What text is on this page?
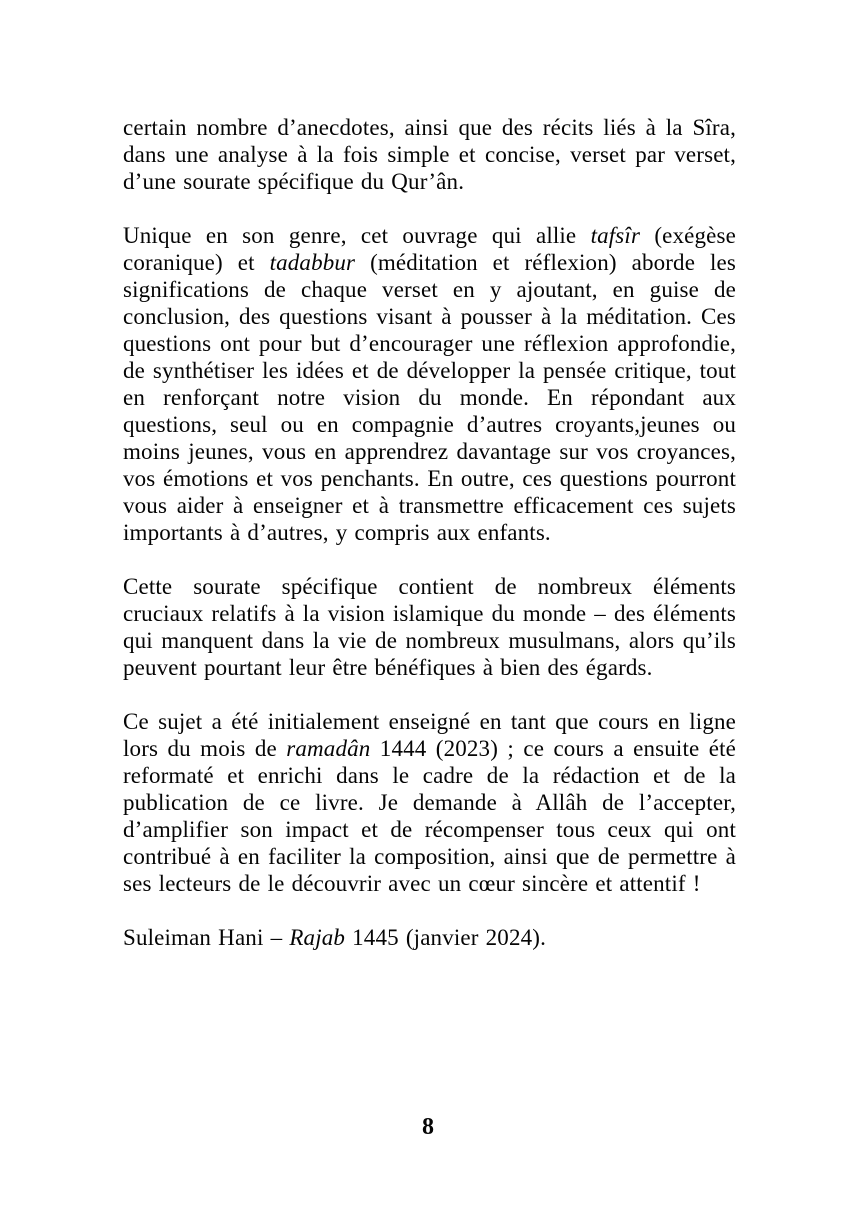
certain nombre d’anecdotes, ainsi que des récits liés à la Sîra, dans une analyse à la fois simple et concise, verset par verset, d’une sourate spécifique du Qur’ân.

Unique en son genre, cet ouvrage qui allie tafsîr (exégèse coranique) et tadabbur (méditation et réflexion) aborde les significations de chaque verset en y ajoutant, en guise de conclusion, des questions visant à pousser à la méditation. Ces questions ont pour but d’encourager une réflexion approfondie, de synthétiser les idées et de développer la pensée critique, tout en renforçant notre vision du monde. En répondant aux questions, seul ou en compagnie d’autres croyants,jeunes ou moins jeunes, vous en apprendrez davantage sur vos croyances, vos émotions et vos penchants. En outre, ces questions pourront vous aider à enseigner et à transmettre efficacement ces sujets importants à d’autres, y compris aux enfants.

Cette sourate spécifique contient de nombreux éléments cruciaux relatifs à la vision islamique du monde – des éléments qui manquent dans la vie de nombreux musulmans, alors qu’ils peuvent pourtant leur être bénéfiques à bien des égards.

Ce sujet a été initialement enseigné en tant que cours en ligne lors du mois de ramadân 1444 (2023) ; ce cours a ensuite été reformaté et enrichi dans le cadre de la rédaction et de la publication de ce livre. Je demande à Allâh de l’accepter, d’amplifier son impact et de récompenser tous ceux qui ont contribué à en faciliter la composition, ainsi que de permettre à ses lecteurs de le découvrir avec un cœur sincère et attentif !

Suleiman Hani – Rajab 1445 (janvier 2024).

8
